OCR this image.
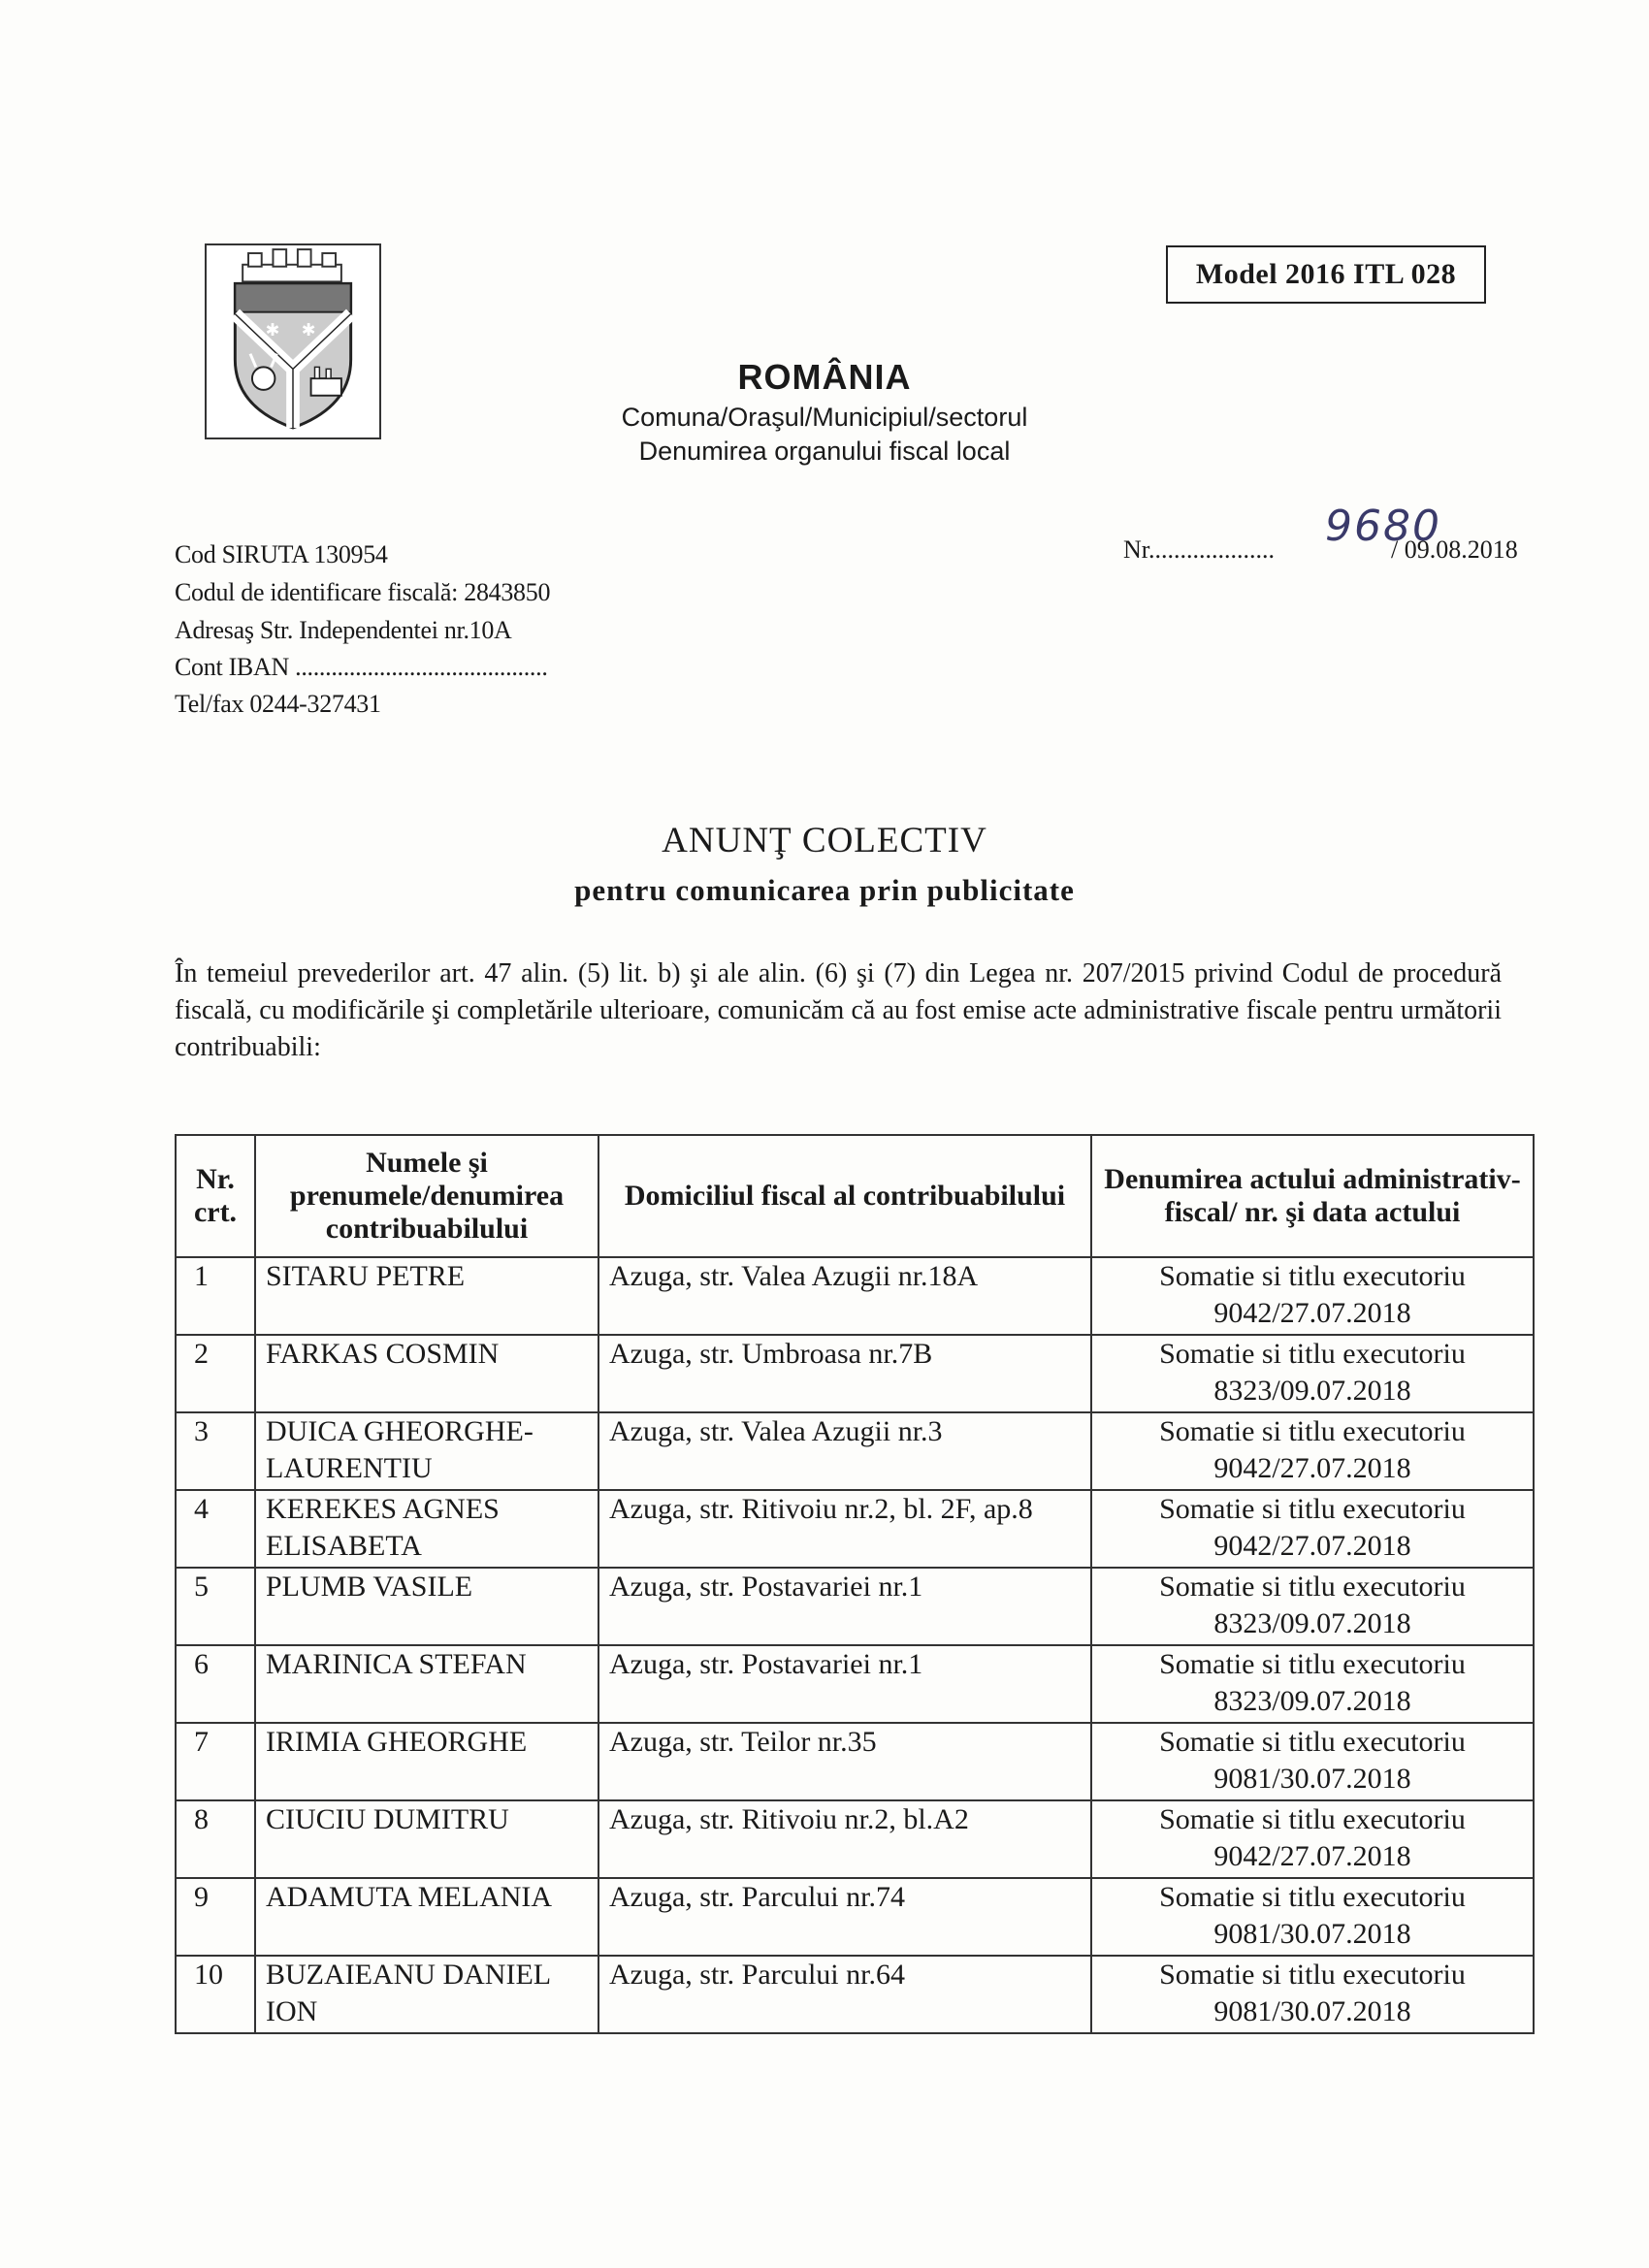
✱ ✱
Model 2016 ITL 028
ROMÂNIA
Comuna/Oraşul/Municipiul/sectorul
Denumirea organului fiscal local
Cod SIRUTA 130954
Codul de identificare fiscală: 2843850
Adresaş Str. Independentei nr.10A
Cont IBAN ..........................................
Tel/fax 0244-327431
Nr.................... 9680/ 09.08.2018
ANUNŢ COLECTIV
pentru comunicarea prin publicitate
În temeiul prevederilor art. 47 alin. (5) lit. b) şi ale alin. (6) şi (7) din Legea nr. 207/2015 privind Codul de procedură fiscală, cu modificările şi completările ulterioare, comunicăm că au fost emise acte administrative fiscale pentru următorii contribuabili:
Nr. crt.	Numele şi prenumele/denumirea contribuabilului	Domiciliul fiscal al contribuabilului	Denumirea actului administrativ-fiscal/ nr. şi data actului
1	SITARU PETRE	Azuga, str. Valea Azugii nr.18A	Somatie si titlu executoriu
9042/27.07.2018

2	FARKAS COSMIN	Azuga, str. Umbroasa nr.7B	Somatie si titlu executoriu
8323/09.07.2018

3	DUICA GHEORGHE-LAURENTIU	Azuga, str. Valea Azugii nr.3	Somatie si titlu executoriu
9042/27.07.2018

4	KEREKES AGNES ELISABETA	Azuga, str. Ritivoiu nr.2, bl. 2F, ap.8	Somatie si titlu executoriu
9042/27.07.2018

5	PLUMB VASILE	Azuga, str. Postavariei nr.1	Somatie si titlu executoriu
8323/09.07.2018

6	MARINICA STEFAN	Azuga, str. Postavariei nr.1	Somatie si titlu executoriu
8323/09.07.2018

7	IRIMIA GHEORGHE	Azuga, str. Teilor nr.35	Somatie si titlu executoriu
9081/30.07.2018

8	CIUCIU DUMITRU	Azuga, str. Ritivoiu nr.2, bl.A2	Somatie si titlu executoriu
9042/27.07.2018

9	ADAMUTA MELANIA	Azuga, str. Parcului nr.74	Somatie si titlu executoriu
9081/30.07.2018

10	BUZAIEANU DANIEL ION	Azuga, str. Parcului nr.64	Somatie si titlu executoriu
9081/30.07.2018
